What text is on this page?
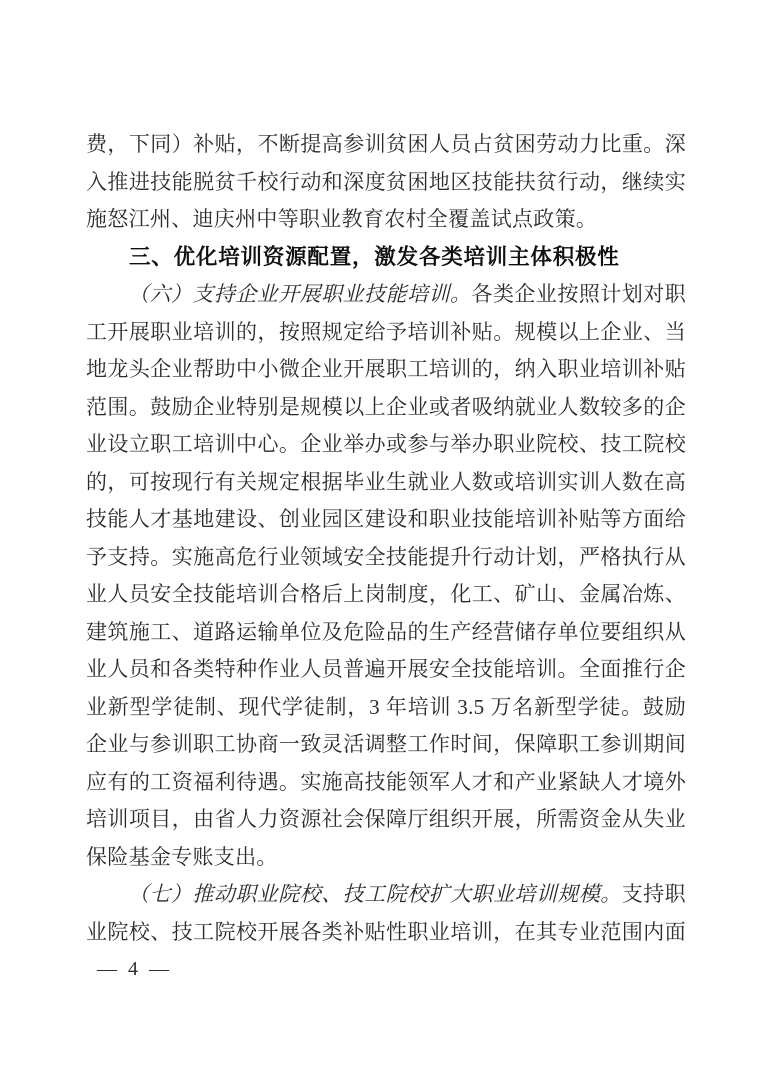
费，下同）补贴，不断提高参训贫困人员占贫困劳动力比重。深
入推进技能脱贫千校行动和深度贫困地区技能扶贫行动，继续实
施怒江州、迪庆州中等职业教育农村全覆盖试点政策。
三、优化培训资源配置，激发各类培训主体积极性
（六）支持企业开展职业技能培训。各类企业按照计划对职
工开展职业培训的，按照规定给予培训补贴。规模以上企业、当
地龙头企业帮助中小微企业开展职工培训的，纳入职业培训补贴
范围。鼓励企业特别是规模以上企业或者吸纳就业人数较多的企
业设立职工培训中心。企业举办或参与举办职业院校、技工院校
的，可按现行有关规定根据毕业生就业人数或培训实训人数在高
技能人才基地建设、创业园区建设和职业技能培训补贴等方面给
予支持。实施高危行业领域安全技能提升行动计划，严格执行从
业人员安全技能培训合格后上岗制度，化工、矿山、金属冶炼、
建筑施工、道路运输单位及危险品的生产经营储存单位要组织从
业人员和各类特种作业人员普遍开展安全技能培训。全面推行企
业新型学徒制、现代学徒制，3 年培训 3.5 万名新型学徒。鼓励
企业与参训职工协商一致灵活调整工作时间，保障职工参训期间
应有的工资福利待遇。实施高技能领军人才和产业紧缺人才境外
培训项目，由省人力资源社会保障厅组织开展，所需资金从失业
保险基金专账支出。
（七）推动职业院校、技工院校扩大职业培训规模。支持职
业院校、技工院校开展各类补贴性职业培训，在其专业范围内面
— 4 —
